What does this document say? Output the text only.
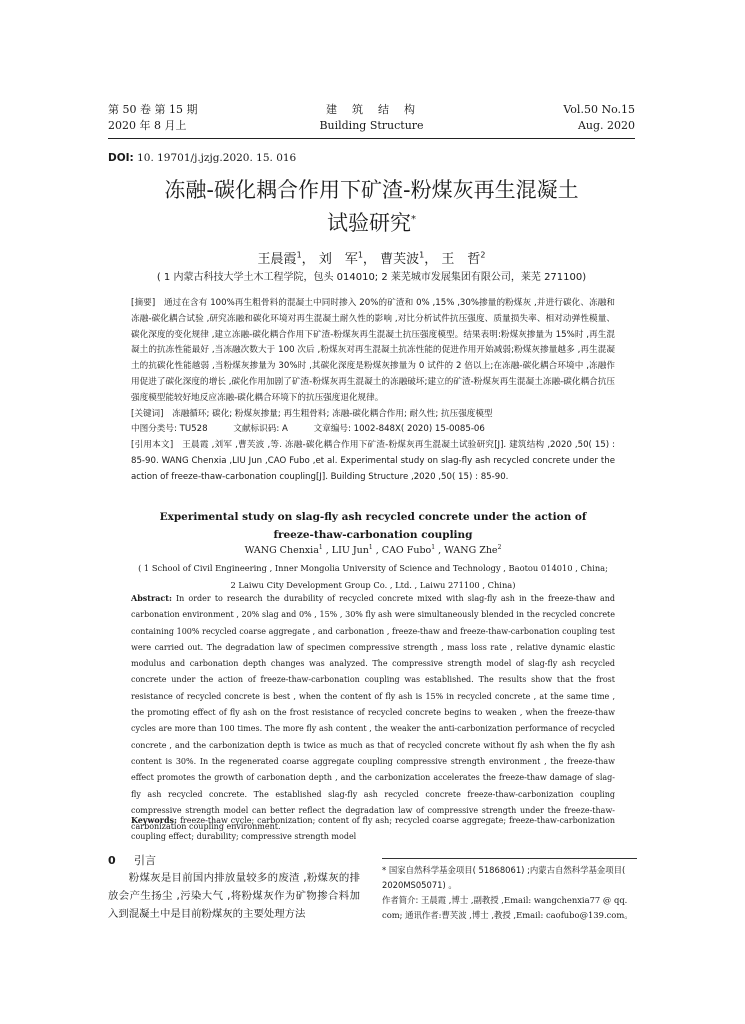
第 50 卷 第 15 期
2020 年 8 月上
建　筑　结　构
Building Structure
Vol.50 No.15
Aug. 2020
DOI: 10. 19701/j.jzjg.2020. 15. 016
冻融-碳化耦合作用下矿渣-粉煤灰再生混凝土
试验研究*
王晨霞$^1$， 刘　军$^1$， 曹芙波$^1$， 王　哲$^2$
( 1 内蒙古科技大学土木工程学院，包头 014010; 2 莱芜城市发展集团有限公司，莱芜 271100)

[摘要]　 通过在含有 100%再生粗骨料的混凝土中同时掺入 20%的矿渣和 0% ,15% ,30%掺量的粉煤灰 ,并进行碳化、冻融和冻融-碳化耦合试验 ,研究冻融和碳化环境对再生混凝土耐久性的影响 ,对比分析试件抗压强度、质量损失率、相对动弹性模量、碳化深度的变化规律 ,建立冻融-碳化耦合作用下矿渣-粉煤灰再生混凝土抗压强度模型。结果表明:粉煤灰掺量为 15%时 ,再生混凝土的抗冻性能最好 ,当冻融次数大于 100 次后 ,粉煤灰对再生混凝土抗冻性能的促进作用开始减弱;粉煤灰掺量越多 ,再生混凝土的抗碳化性能越弱 ,当粉煤灰掺量为 30%时 ,其碳化深度是粉煤灰掺量为 0 试件的 2 倍以上;在冻融-碳化耦合环境中 ,冻融作用促进了碳化深度的增长 ,碳化作用加剧了矿渣-粉煤灰再生混凝土的冻融破坏;建立的矿渣-粉煤灰再生混凝土冻融-碳化耦合抗压强度模型能较好地反应冻融-碳化耦合环境下的抗压强度退化规律。

[关键词]　 冻融循环; 碳化; 粉煤灰掺量; 再生粗骨料; 冻融-碳化耦合作用; 耐久性; 抗压强度模型

中图分类号: TU528　　　	文献标识码: A　　　	文章编号: 1002-848X( 2020) 15-0085-06

[引用本文]　 王晨霞 ,刘军 ,曹芙波 ,等. 冻融-碳化耦合作用下矿渣-粉煤灰再生混凝土试验研究[J]. 建筑结构 ,2020 ,50( 15) : 85-90. WANG Chenxia ,LIU Jun ,CAO Fubo ,et al. Experimental study on slag-fly ash recycled concrete under the action of freeze-thaw-carbonation coupling[J]. Building Structure ,2020 ,50( 15) : 85-90.

Experimental study on slag-fly ash recycled concrete under the action of
freeze-thaw-carbonation coupling
WANG Chenxia$^1$ , LIU Jun$^1$ , CAO Fubo$^1$ , WANG Zhe$^2$
( 1 School of Civil Engineering , Inner Mongolia University of Science and Technology , Baotou 014010 , China;
2 Laiwu City Development Group Co. , Ltd. , Laiwu 271100 , China)

Abstract: In order to research the durability of recycled concrete mixed with slag-fly ash in the freeze-thaw and carbonation environment , 20% slag and 0% , 15% , 30% fly ash were simultaneously blended in the recycled concrete containing 100% recycled coarse aggregate , and carbonation , freeze-thaw and freeze-thaw-carbonation coupling test were carried out. The degradation law of specimen compressive strength , mass loss rate , relative dynamic elastic modulus and carbonation depth changes was analyzed. The compressive strength model of slag-fly ash recycled concrete under the action of freeze-thaw-carbonation coupling was established. The results show that the frost resistance of recycled concrete is best , when the content of fly ash is 15% in recycled concrete , at the same time , the promoting effect of fly ash on the frost resistance of recycled concrete begins to weaken , when the freeze-thaw cycles are more than 100 times. The more fly ash content , the weaker the anti-carbonization performance of recycled concrete , and the carbonization depth is twice as much as that of recycled concrete without fly ash when the fly ash content is 30%. In the regenerated coarse aggregate coupling compressive strength environment , the freeze-thaw effect promotes the growth of carbonation depth , and the carbonization accelerates the freeze-thaw damage of slag-fly ash recycled concrete. The established slag-fly ash recycled concrete freeze-thaw-carbonization coupling compressive strength model can better reflect the degradation law of compressive strength under the freeze-thaw-carbonization coupling environment.

Keywords: freeze-thaw cycle; carbonization; content of fly ash; recycled coarse aggregate; freeze-thaw-carbonization coupling effect; durability; compressive strength model
0 引言

粉煤灰是目前国内排放量较多的废渣 ,粉煤灰的排放会产生扬尘 ,污染大气 ,将粉煤灰作为矿物掺合料加入到混凝土中是目前粉煤灰的主要处理方法

* 国家自然科学基金项目( 51868061) ;内蒙古自然科学基金项目( 2020MS05071) 。

作者简介: 王晨霞 ,博士 ,副教授 ,Email: wangchenxia77 @ qq. com; 通讯作者:曹芙波 ,博士 ,教授 ,Email: caofubo@139.com。
